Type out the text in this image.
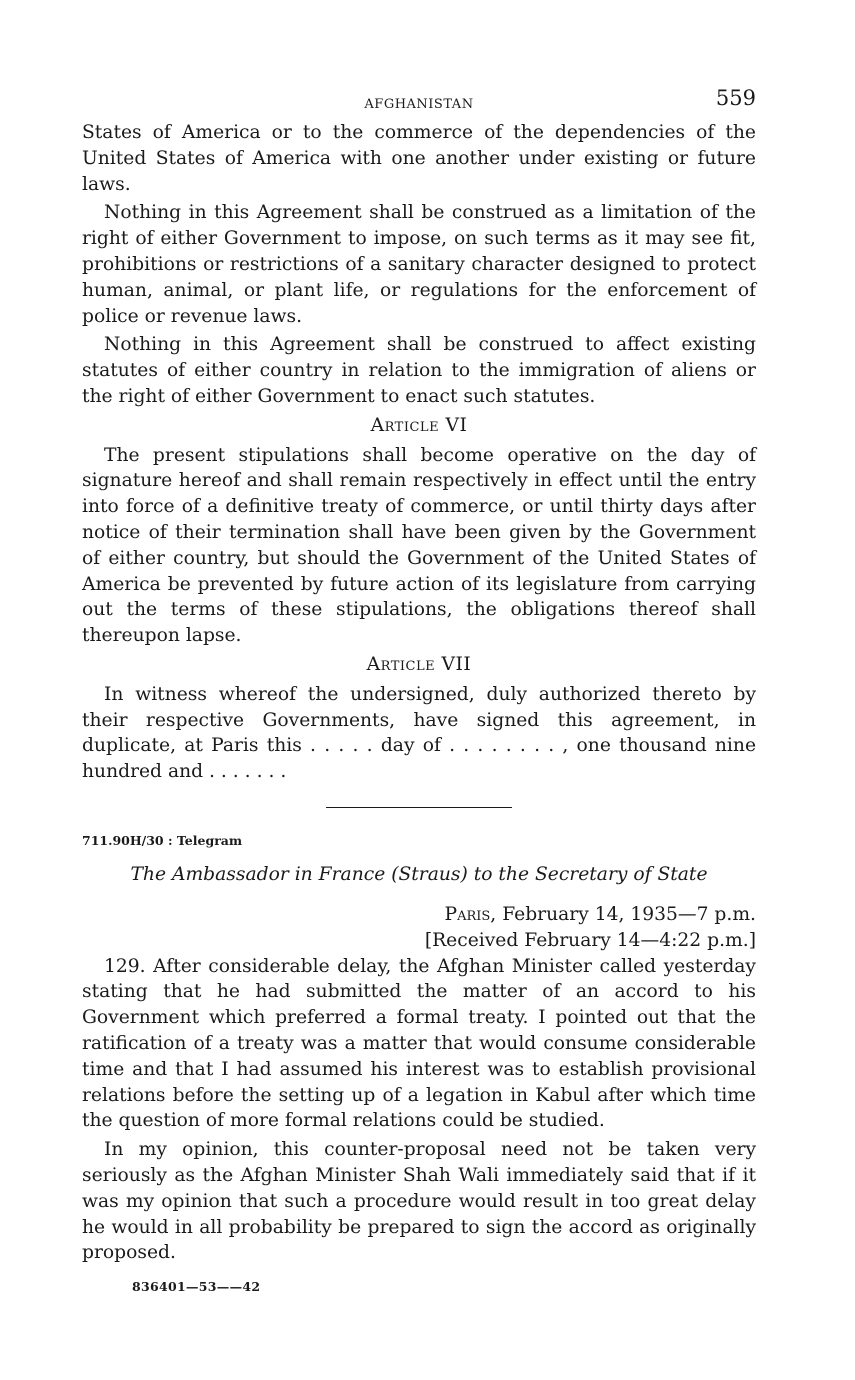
AFGHANISTAN	559

States of America or to the commerce of the dependencies of the United States of America with one another under existing or future laws.

Nothing in this Agreement shall be construed as a limitation of the right of either Government to impose, on such terms as it may see fit, prohibitions or restrictions of a sanitary character designed to protect human, animal, or plant life, or regulations for the enforcement of police or revenue laws.

Nothing in this Agreement shall be construed to affect existing statutes of either country in relation to the immigration of aliens or the right of either Government to enact such statutes.

Article VI

The present stipulations shall become operative on the day of signature hereof and shall remain respectively in effect until the entry into force of a definitive treaty of commerce, or until thirty days after notice of their termination shall have been given by the Government of either country, but should the Government of the United States of America be prevented by future action of its legislature from carrying out the terms of these stipulations, the obligations thereof shall thereupon lapse.

Article VII

In witness whereof the undersigned, duly authorized thereto by their respective Governments, have signed this agreement, in duplicate, at Paris this . . . . . day of . . . . . . . . , one thousand nine hundred and . . . . . . .

711.90H/30 : Telegram
The Ambassador in France (Straus) to the Secretary of State
Paris, February 14, 1935—7 p.m.
[Received February 14—4:22 p.m.]

129. After considerable delay, the Afghan Minister called yesterday stating that he had submitted the matter of an accord to his Government which preferred a formal treaty. I pointed out that the ratification of a treaty was a matter that would consume considerable time and that I had assumed his interest was to establish provisional relations before the setting up of a legation in Kabul after which time the question of more formal relations could be studied.

In my opinion, this counter-proposal need not be taken very seriously as the Afghan Minister Shah Wali immediately said that if it was my opinion that such a procedure would result in too great delay he would in all probability be prepared to sign the accord as originally proposed.

836401—53——42
